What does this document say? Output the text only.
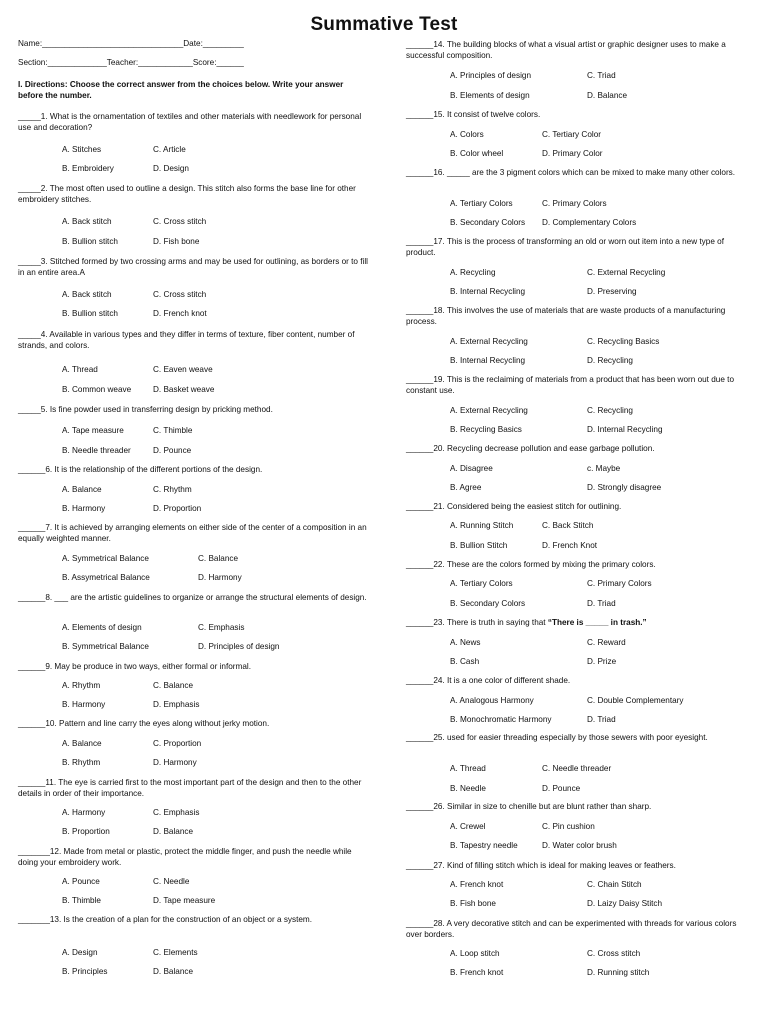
Summative Test
Name:_______________________________Date:_________
Section:_____________Teacher:____________Score:______
I. Directions: Choose the correct answer from the choices below. Write your answer before the number.
_____1. What is the ornamentation of textiles and other materials with needlework for personal use and decoration?
A. Stitches	C. Article
B. Embroidery	D. Design
_____2. The most often used to outline a design. This stitch also forms the base line for other embroidery stitches.
A. Back stitch	C. Cross stitch
B. Bullion stitch	D. Fish bone
_____3. Stitched formed by two crossing arms and may be used for outlining, as borders or to fill in an entire area.A
A. Back stitch	C. Cross stitch
B. Bullion stitch	D. French knot
_____4. Available in various types and they differ in terms of texture, fiber content, number of strands, and colors.
A. Thread	C. Eaven weave
B. Common weave	D. Basket weave
_____5. Is fine powder used in transferring design by pricking method.
A. Tape measure	C. Thimble
B. Needle threader	D. Pounce
______6. It is the relationship of the different portions of the design.
A. Balance	C. Rhythm
B. Harmony	D. Proportion
______7. It is achieved by arranging elements on either side of the center of a composition in an equally weighted manner.
A. Symmetrical Balance	C. Balance
B. Assymetrical Balance	D. Harmony
______8. ___ are the artistic guidelines to organize or arrange the structural elements of design.
A. Elements of design	C. Emphasis
B. Symmetrical Balance	D. Principles of design
______9. May be produce in two ways, either formal or informal.
A. Rhythm	C. Balance
B. Harmony	D. Emphasis
______10. Pattern and line carry the eyes along without jerky motion.
A. Balance	C. Proportion
B. Rhythm	D. Harmony
______11. The eye is carried first to the most important part of the design and then to the other details in order of their importance.
A. Harmony	C. Emphasis
B. Proportion	D. Balance
_______12. Made from metal or plastic, protect the middle finger, and push the needle while doing your embroidery work.
A. Pounce	C. Needle
B. Thimble	D. Tape measure
_______13. Is the creation of a plan for the construction of an object or a system.
A. Design	C. Elements
B. Principles	D. Balance
______14. The building blocks of what a visual artist or graphic designer uses to make a successful composition.
A. Principles of design	C. Triad
B. Elements of design	D. Balance
______15. It consist of twelve colors.
A. Colors	C. Tertiary Color
B. Color wheel	D. Primary Color
______16. _____ are the 3 pigment colors which can be mixed to make many other colors.
A. Tertiary Colors	C. Primary Colors
B. Secondary Colors D. Complementary Colors
______17. This is the process of transforming an old or worn out item into a new type of product.
A. Recycling	C. External Recycling
B. Internal Recycling	D. Preserving
______18. This involves the use of materials that are waste products of a manufacturing process.
A. External Recycling	C. Recycling Basics
B. Internal Recycling	D. Recycling
______19. This is the reclaiming of materials from a product that has been worn out due to constant use.
A. External Recycling	C. Recycling
B. Recycling Basics	D. Internal Recycling
______20. Recycling decrease pollution and ease garbage pollution.
A. Disagree	c. Maybe
B. Agree	D. Strongly disagree
______21. Considered being the easiest stitch for outlining.
A. Running Stitch	C. Back Stitch
B. Bullion Stitch	D. French Knot
______22. These are the colors formed by mixing the primary colors.
A. Tertiary Colors	C. Primary Colors
B. Secondary Colors	D. Triad
______23. There is truth in saying that “There is _____ in trash.”
A. News	C. Reward
B. Cash	D. Prize
______24. It is a one color of different shade.
A. Analogous Harmony	C. Double Complementary
B. Monochromatic Harmony	D. Triad
______25. used for easier threading especially by those sewers with poor eyesight.
A. Thread	C. Needle threader
B. Needle	D. Pounce
______26. Similar in size to chenille but are blunt rather than sharp.
A. Crewel	C. Pin cushion
B. Tapestry needle	D. Water color brush
______27. Kind of filling stitch which is ideal for making leaves or feathers.
A. French knot	C. Chain Stitch
B. Fish bone	D. Laizy Daisy Stitch
______28. A very decorative stitch and can be experimented with threads for various colors over borders.
A. Loop stitch	C. Cross stitch
B. French knot	D. Running stitch
